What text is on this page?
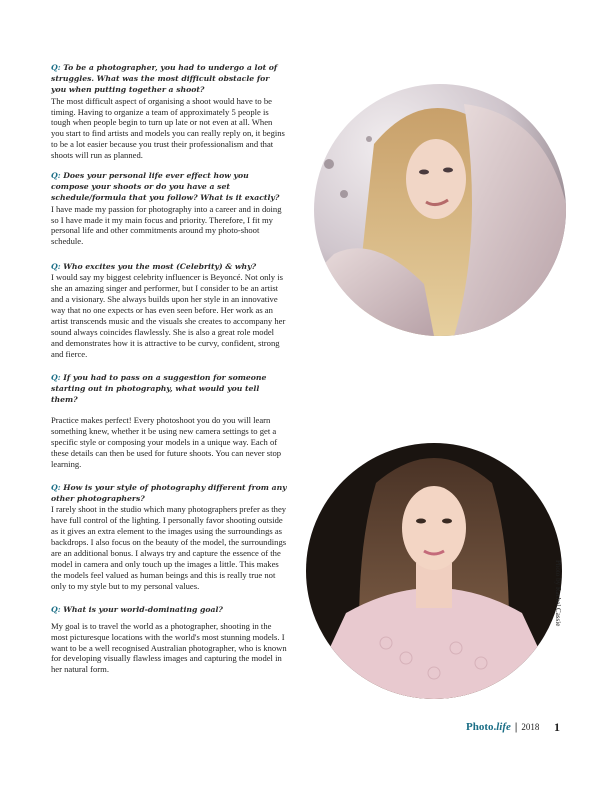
Q: To be a photographer, you had to undergo a lot of struggles. What was the most difficult obstacle for you when putting together a shoot?

The most difficult aspect of organising a shoot would have to be timing. Having to organize a team of approximately 5 people is tough when people begin to turn up late or not even at all. When you start to find artists and models you can really reply on, it begins to be a lot easier because you trust their professionalism and that shoots will run as planned.

Q: Does your personal life ever effect how you compose your shoots or do you have a set schedule/formula that you follow? What is it exactly?

I have made my passion for photography into a career and in doing so I have made it my main focus and priority. Therefore, I fit my personal life and other commitments around my photo-shoot schedule.

Q: Who excites you the most (Celebrity) & why?

I would say my biggest celebrity influencer is Beyoncé. Not only is she an amazing singer and performer, but I consider to be an artist and a visionary. She always builds upon her style in an innovative way that no one expects or has even seen before. Her work as an artist transcends music and the visuals she creates to accompany her sound always coincides flawlessly. She is also a great role model and demonstrates how it is attractive to be curvy, confident, strong and fierce.

Q: If you had to pass on a suggestion for someone starting out in photography, what would you tell them?

Practice makes perfect! Every photoshoot you do you will learn something knew, whether it be using new camera settings to get a specific style or composing your models in a unique way. Each of these details can then be used for future shoots. You can never stop learning.

Q: How is your style of photography different from any other photographers?

I rarely shoot in the studio which many photographers prefer as they have full control of the lighting. I personally favor shooting outside as it gives an extra element to the images using the surroundings as backdrops. I also focus on the beauty of the model, the surroundings are an additional bonus. I always try and capture the essence of the model in camera and only touch up the images a little. This makes the models feel valued as human beings and this is really true not only to my style but to my personal values.

Q: What is your world-dominating goal?

My goal is to travel the world as a photographer, shooting in the most picturesque locations with the world's most stunning models. I want to be a well recognised Australian photographer, who is known for developing visually flawless images and capturing the model in her natural form.

Photo by Rachel Cassie
Photo. life | 2018 1
